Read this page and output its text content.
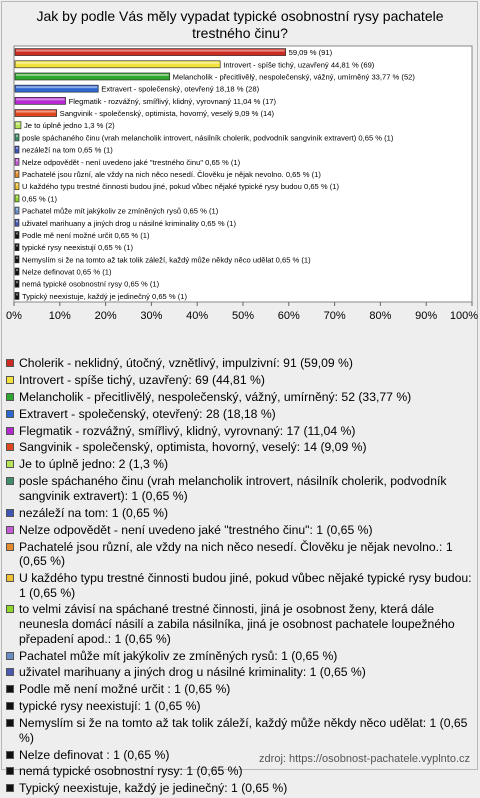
Jak by podle Vás měly vypadat typické osobnostní rysy pachatele trestného činu?
59,09 % (91)
Introvert - spíše tichý, uzavřený 44,81 % (69)
Melancholik - přecitlivělý, nespolečenský, vážný, umírněný 33,77 % (52)
Extravert - společenský, otevřený 18,18 % (28)
Flegmatik - rozvážný, smířlivý, klidný, vyrovnaný 11,04 % (17)
Sangvinik - společenský, optimista, hovorný, veselý 9,09 % (14)
Je to úplně jedno 1,3 % (2)
posle spáchaného činu (vrah melancholik introvert, násilník cholerik, podvodník sangvinik extravert) 0,65 % (1)
nezáleží na tom 0,65 % (1)
Nelze odpovědět - není uvedeno jaké "trestného činu" 0,65 % (1)
Pachatelé jsou různí, ale vždy na nich něco nesedí. Člověku je nějak nevolno. 0,65 % (1)
U každého typu trestné činnosti budou jiné, pokud vůbec nějaké typické rysy budou 0,65 % (1)
0,65 % (1)
Pachatel může mít jakýkoliv ze zmíněných rysů 0,65 % (1)
uživatel marihuany a jiných drog u násilné kriminality 0,65 % (1)
Podle mě není možné určit 0,65 % (1)
typické rysy neexistují 0,65 % (1)
Nemyslím si že na tomto až tak tolik záleží, každý může někdy něco udělat 0,65 % (1)
Nelze definovat 0,65 % (1)
nemá typické osobnostní rysy 0,65 % (1)
Typický neexistuje, každý je jedinečný 0,65 % (1)
0% 10% 20% 30% 40% 50% 60% 70% 80% 90% 100%
Cholerik - neklidný, útočný, vznětlivý, impulzivní: 91 (59,09 %)
Introvert - spíše tichý, uzavřený: 69 (44,81 %)
Melancholik - přecitlivělý, nespolečenský, vážný, umírněný: 52 (33,77 %)
Extravert - společenský, otevřený: 28 (18,18 %)
Flegmatik - rozvážný, smířlivý, klidný, vyrovnaný: 17 (11,04 %)
Sangvinik - společenský, optimista, hovorný, veselý: 14 (9,09 %)
Je to úplně jedno: 2 (1,3 %)
posle spáchaného činu (vrah melancholik introvert, násilník cholerik, podvodník sangvinik extravert): 1 (0,65 %)
nezáleží na tom: 1 (0,65 %)
Nelze odpovědět - není uvedeno jaké "trestného činu": 1 (0,65 %)
Pachatelé jsou různí, ale vždy na nich něco nesedí. Člověku je nějak nevolno.: 1 (0,65 %)
U každého typu trestné činnosti budou jiné, pokud vůbec nějaké typické rysy budou: 1 (0,65 %)
to velmi závisí na spáchané trestné činnosti, jiná je osobnost ženy, která dále neunesla domácí násilí a zabila násilníka, jiná je osobnost pachatele loupežného přepadení apod.: 1 (0,65 %)
Pachatel může mít jakýkoliv ze zmíněných rysů: 1 (0,65 %)
uživatel marihuany a jiných drog u násilné kriminality: 1 (0,65 %)
Podle mě není možné určit : 1 (0,65 %)
typické rysy neexistují: 1 (0,65 %)
Nemyslím si že na tomto až tak tolik záleží, každý může někdy něco udělat: 1 (0,65 %)
Nelze definovat : 1 (0,65 %)
nemá typické osobnostní rysy: 1 (0,65 %)
Typický neexistuje, každý je jedinečný: 1 (0,65 %)
zdroj: https://osobnost-pachatele.vyplnto.cz
